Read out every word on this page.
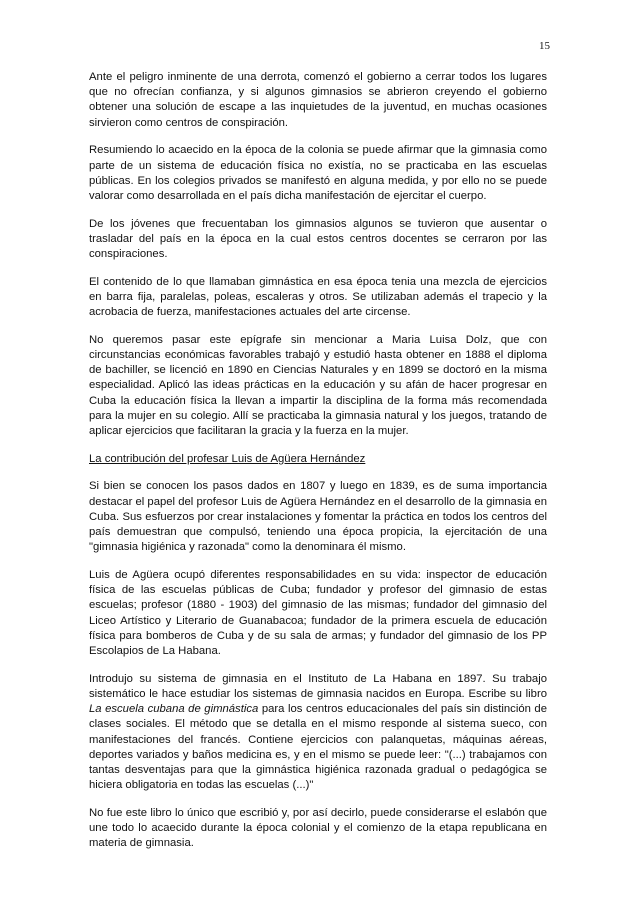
15

Ante el peligro inminente de una derrota, comenzó el gobierno a cerrar todos los lugares que no ofrecían confianza, y si algunos gimnasios se abrieron creyendo el gobierno obtener una solución de escape a las inquietudes de la juventud, en muchas ocasiones sirvieron como centros de conspiración.

Resumiendo lo acaecido en la época de la colonia se puede afirmar que la gimnasia como parte de un sistema de educación física no existía, no se practicaba en las escuelas públicas. En los colegios privados se manifestó en alguna medida, y por ello no se puede valorar como desarrollada en el país dicha manifestación de ejercitar el cuerpo.

De los jóvenes que frecuentaban los gimnasios algunos se tuvieron que ausentar o trasladar del país en la época en la cual estos centros docentes se cerraron por las conspiraciones.

El contenido de lo que llamaban gimnástica en esa época tenia una mezcla de ejercicios en barra fija, paralelas, poleas, escaleras y otros. Se utilizaban además el trapecio y la acrobacia de fuerza, manifestaciones actuales del arte circense.

No queremos pasar este epígrafe sin mencionar a Maria Luisa Dolz, que con circunstancias económicas favorables trabajó y estudió hasta obtener en 1888 el diploma de bachiller, se licenció en 1890 en Ciencias Naturales y en 1899 se doctoró en la misma especialidad. Aplicó las ideas prácticas en la educación y su afán de hacer progresar en Cuba la educación física la llevan a impartir la disciplina de la forma más recomendada para la mujer en su colegio. Allí se practicaba la gimnasia natural y los juegos, tratando de aplicar ejercicios que facilitaran la gracia y la fuerza en la mujer.

La contribución del profesar Luis de Agüera Hernández

Si bien se conocen los pasos dados en 1807 y luego en 1839, es de suma importancia destacar el papel del profesor Luis de Agüera Hernández en el desarrollo de la gimnasia en Cuba. Sus esfuerzos por crear instalaciones y fomentar la práctica en todos los centros del país demuestran que compulsó, teniendo una época propicia, la ejercitación de una "gimnasia higiénica y razonada" como la denominara él mismo.

Luis de Agüera ocupó diferentes responsabilidades en su vida: inspector de educación física de las escuelas públicas de Cuba; fundador y profesor del gimnasio de estas escuelas; profesor (1880 - 1903) del gimnasio de las mismas; fundador del gimnasio del Liceo Artístico y Literario de Guanabacoa; fundador de la primera escuela de educación física para bomberos de Cuba y de su sala de armas; y fundador del gimnasio de los PP Escolapios de La Habana.

Introdujo su sistema de gimnasia en el Instituto de La Habana en 1897. Su trabajo sistemático le hace estudiar los sistemas de gimnasia nacidos en Europa. Escribe su libro La escuela cubana de gimnástica para los centros educacionales del país sin distinción de clases sociales. El método que se detalla en el mismo responde al sistema sueco, con manifestaciones del francés. Contiene ejercicios con palanquetas, máquinas aéreas, deportes variados y baños medicina es, y en el mismo se puede leer: "(...) trabajamos con tantas desventajas para que la gimnástica higiénica razonada gradual o pedagógica se hiciera obligatoria en todas las escuelas (...)"

No fue este libro lo único que escribió y, por así decirlo, puede considerarse el eslabón que une todo lo acaecido durante la época colonial y el comienzo de la etapa republicana en materia de gimnasia.
